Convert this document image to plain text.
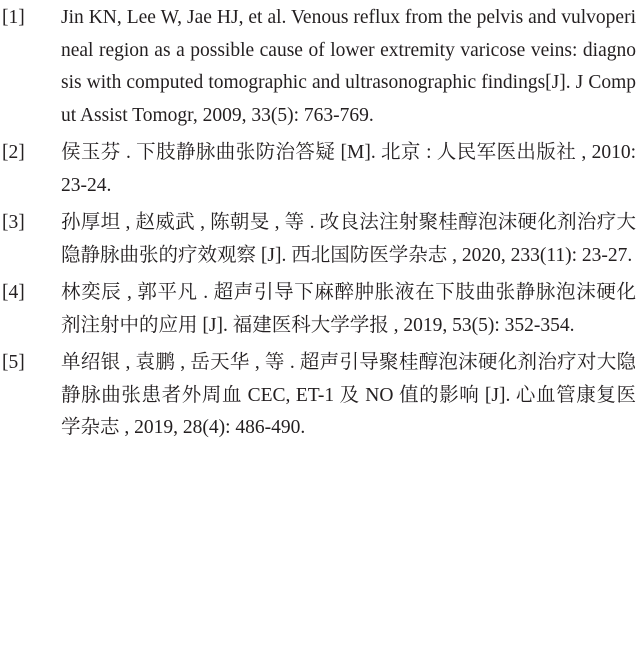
[1]	Jin KN, Lee W, Jae HJ, et al. Venous reflux from the pelvis and vulvoperineal region as a possible cause of lower extremity varicose veins: diagnosis with computed tomographic and ultrasonographic findings[J]. J Comput Assist Tomogr, 2009, 33(5): 763-769.
[2]	侯玉芬 . 下肢静脉曲张防治答疑 [M]. 北京 : 人民军医出版社 , 2010: 23-24.
[3]	孙厚坦 , 赵威武 , 陈朝旻 , 等 . 改良法注射聚桂醇泡沫硬化剂治疗大隐静脉曲张的疗效观察 [J]. 西北国防医学杂志 , 2020, 233(11): 23-27.
[4]	林奕辰 , 郭平凡 . 超声引导下麻醉肿胀液在下肢曲张静脉泡沫硬化剂注射中的应用 [J]. 福建医科大学学报 , 2019, 53(5): 352-354.
[5]	单绍银 , 袁鹏 , 岳天华 , 等 . 超声引导聚桂醇泡沫硬化剂治疗对大隐静脉曲张患者外周血 CEC, ET-1 及 NO 值的影响 [J]. 心血管康复医学杂志 , 2019, 28(4): 486-490.
